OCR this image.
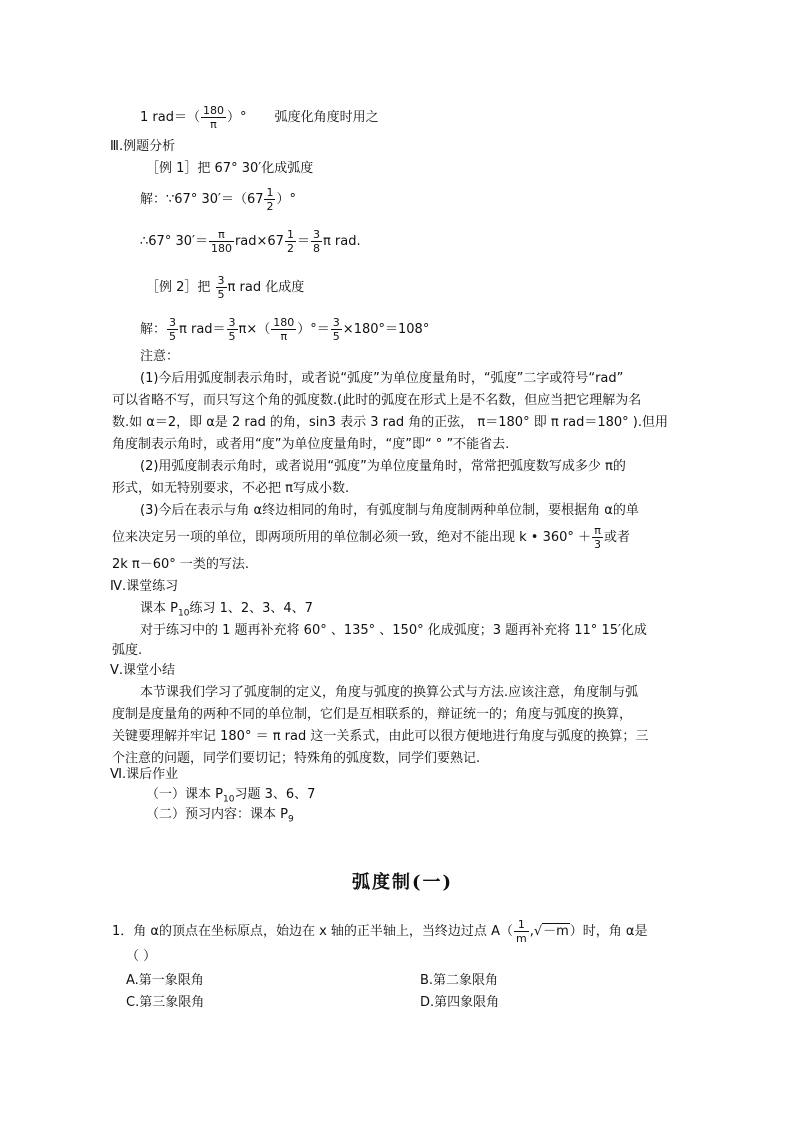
1 $rad=( \frac{180}{\pi}$ ）° 弧度化角度时用之
Ⅲ.例题分析
［例 1］把 67° 30′化成弧度
解：∵67° $30'=(67 \frac{1}{2}$ ）°
∴67° $30'= \frac{\pi}{180} rad\times 67 \frac{1}{2} = \frac{3}{8}$ π rad.
［例 2］把 $\frac{3}{5}$ π rad 化成度
解： $\frac{3}{5}$ π $rad= \frac{3}{5} \pi\times( \frac{180}{\pi}$ ）°＝ $\frac{3}{5} \times 180^\circ=108^\circ$
注意：
(1)今后用弧度制表示角时，或者说“弧度”为单位度量角时，“弧度”二字或符号“rad”
可以省略不写，而只写这个角的弧度数.(此时的弧度在形式上是不名数，但应当把它理解为名
数.如 α＝2，即 α是 2 rad 的角，sin3 表示 3 rad 角的正弦， π＝180° 即 π rad＝180° ).但用
角度制表示角时，或者用“度”为单位度量角时，“度”即“ ° ”不能省去.
(2)用弧度制表示角时，或者说用“弧度”为单位度量角时，常常把弧度数写成多少 π的
形式，如无特别要求，不必把 π写成小数.
(3)今后在表示与角 α终边相同的角时，有弧度制与角度制两种单位制，要根据角 α的单
位来决定另一项的单位，即两项所用的单位制必须一致，绝对不能出现 k • $360^\circ + \frac{\pi}{3}$ 或者
2k π－60° 一类的写法.
Ⅳ.课堂练习
课本 $P_{10}$练习 1、2、3、4、7
对于练习中的 1 题再补充将 60° 、135° 、150° 化成弧度；3 题再补充将 11° 15′化成
弧度.
Ⅴ.课堂小结
本节课我们学习了弧度制的定义，角度与弧度的换算公式与方法.应该注意，角度制与弧
度制是度量角的两种不同的单位制，它们是互相联系的，辩证统一的；角度与弧度的换算，
关键要理解并牢记 180° ＝ π rad 这一关系式，由此可以很方便地进行角度与弧度的换算；三
个注意的问题，同学们要切记；特殊角的弧度数，同学们要熟记.
Ⅵ.课后作业
（一）课本 $P_{10}$习题 3、6、7
（二）预习内容：课本 $P_9$
弧度制(一)
1．角 α的顶点在坐标原点，始边在 x 轴的正半轴上，当终边过点 $A( \frac{1}{m} ,√-m)$时，角 α是
（ ）
A.第一象限角	B.第二象限角
C.第三象限角	D.第四象限角
